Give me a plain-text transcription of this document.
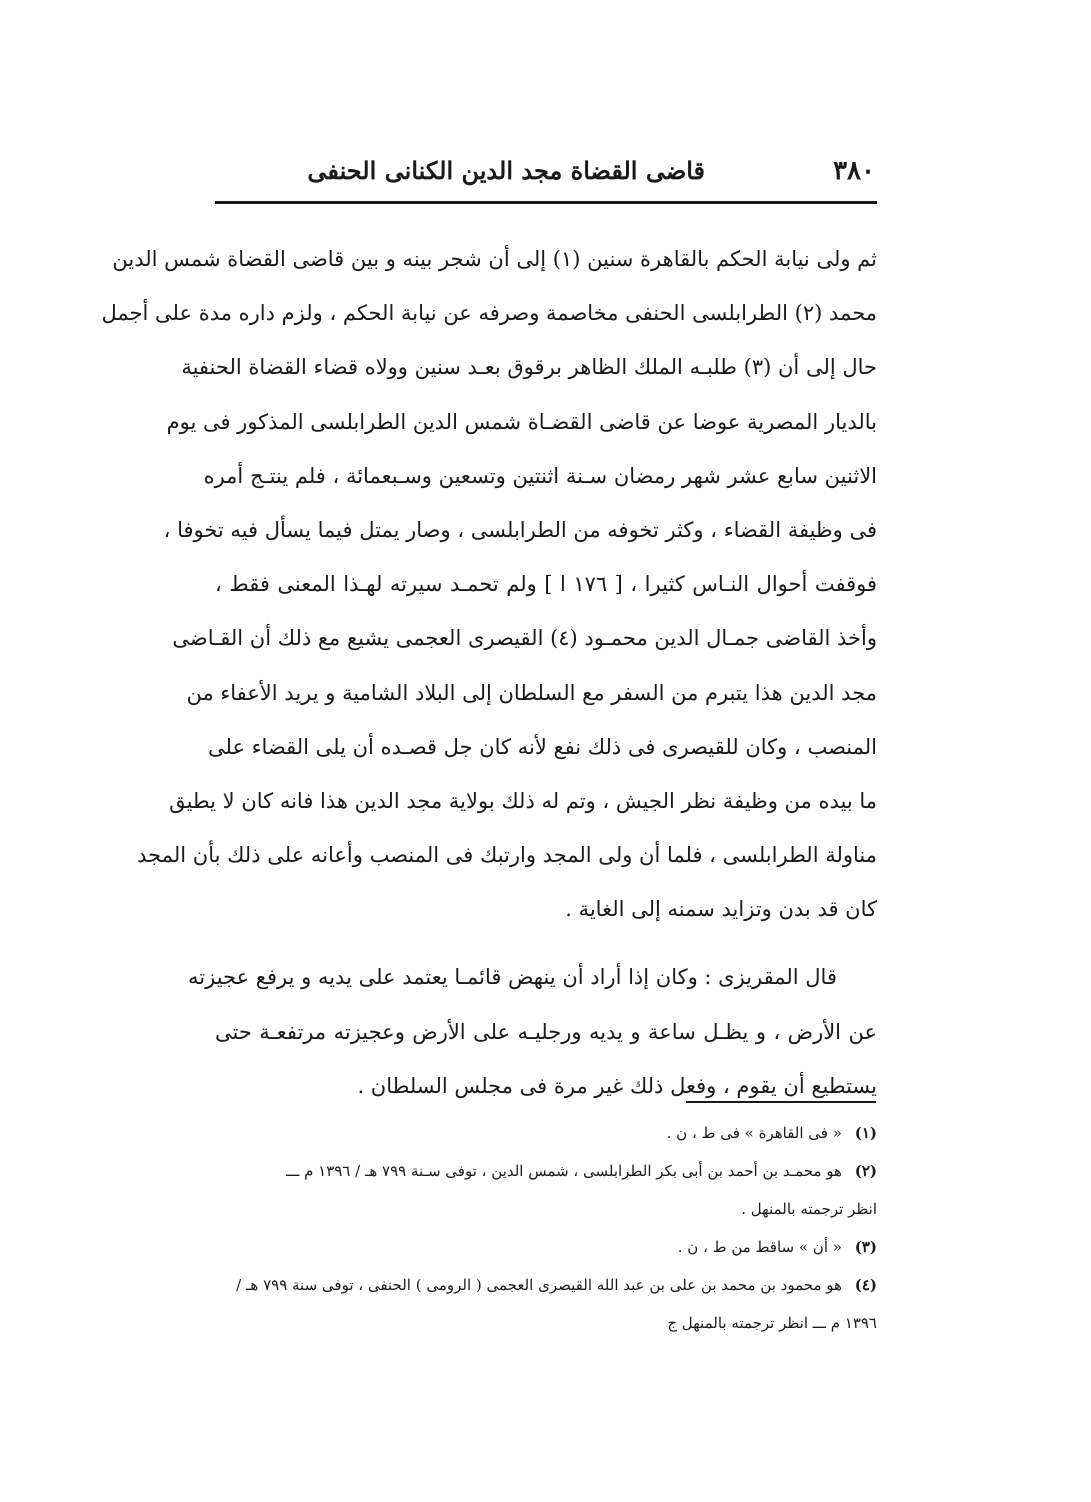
٣٨٠
قاضى القضاة مجد الدين الكنانى الحنفى
ثم ولى نيابة الحكم بالقاهرة سنين (١) إلى أن شجر بينه و بين قاضى القضاة شمس الدين
محمد (٢) الطرابلسى الحنفى مخاصمة وصرفه عن نيابة الحكم ، ولزم داره مدة على أجمل
حال إلى أن (٣) طلبـه الملك الظاهر برقوق بعـد سنين وولاه قضاء القضاة الحنفية
بالديار المصرية عوضا عن قاضى القضـاة شمس الدين الطرابلسى المذكور فى يوم
الاثنين سابع عشر شهر رمضان سـنة اثنتين وتسعين وسـبعمائة ، فلم ينتـج أمره
فى وظيفة القضاء ، وكثر تخوفه من الطرابلسى ، وصار يمتل فيما يسأل فيه تخوفا ،
فوقفت أحوال النـاس كثيرا ، [ ١٧٦ ا ] ولم تحمـد سيرته لهـذا المعنى فقط ،
وأخذ القاضى جمـال الدين محمـود (٤) القيصرى العجمى يشيع مع ذلك أن القـاضى
مجد الدين هذا يتبرم من السفر مع السلطان إلى البلاد الشامية و يريد الأعفاء من
المنصب ، وكان للقيصرى فى ذلك نفع لأنه كان جل قصـده أن يلى القضاء على
ما بيده من وظيفة نظر الجيش ، وتم له ذلك بولاية مجد الدين هذا فانه كان لا يطيق
مناولة الطرابلسى ، فلما أن ولى المجد وارتبك فى المنصب وأعانه على ذلك بأن المجد
كان قد بدن وتزايد سمنه إلى الغاية .
قال المقريزى : وكان إذا أراد أن ينهض قائمـا يعتمد على يديه و يرفع عجيزته
عن الأرض ، و يظـل ساعة و يديه ورجليـه على الأرض وعجيزته مرتفعـة حتى
يستطيع أن يقوم ، وفعل ذلك غير مرة فى مجلس السلطان .
(١) « فى القاهرة » فى ط ، ن .
(٢) هو محمـد بن أحمد بن أبى بكر الطرابلسى ، شمس الدين ، توفى سـنة ٧٩٩ هـ / ١٣٩٦ م ـــ
انظر ترجمته بالمنهل .
(٣) « أن » ساقط من ط ، ن .
(٤) هو محمود بن محمد بن على بن عبد الله القيصرى العجمى ( الرومى ) الحنفى ، توفى سنة ٧٩٩ هـ /
١٣٩٦ م ـــ انظر ترجمته بالمنهل ج
